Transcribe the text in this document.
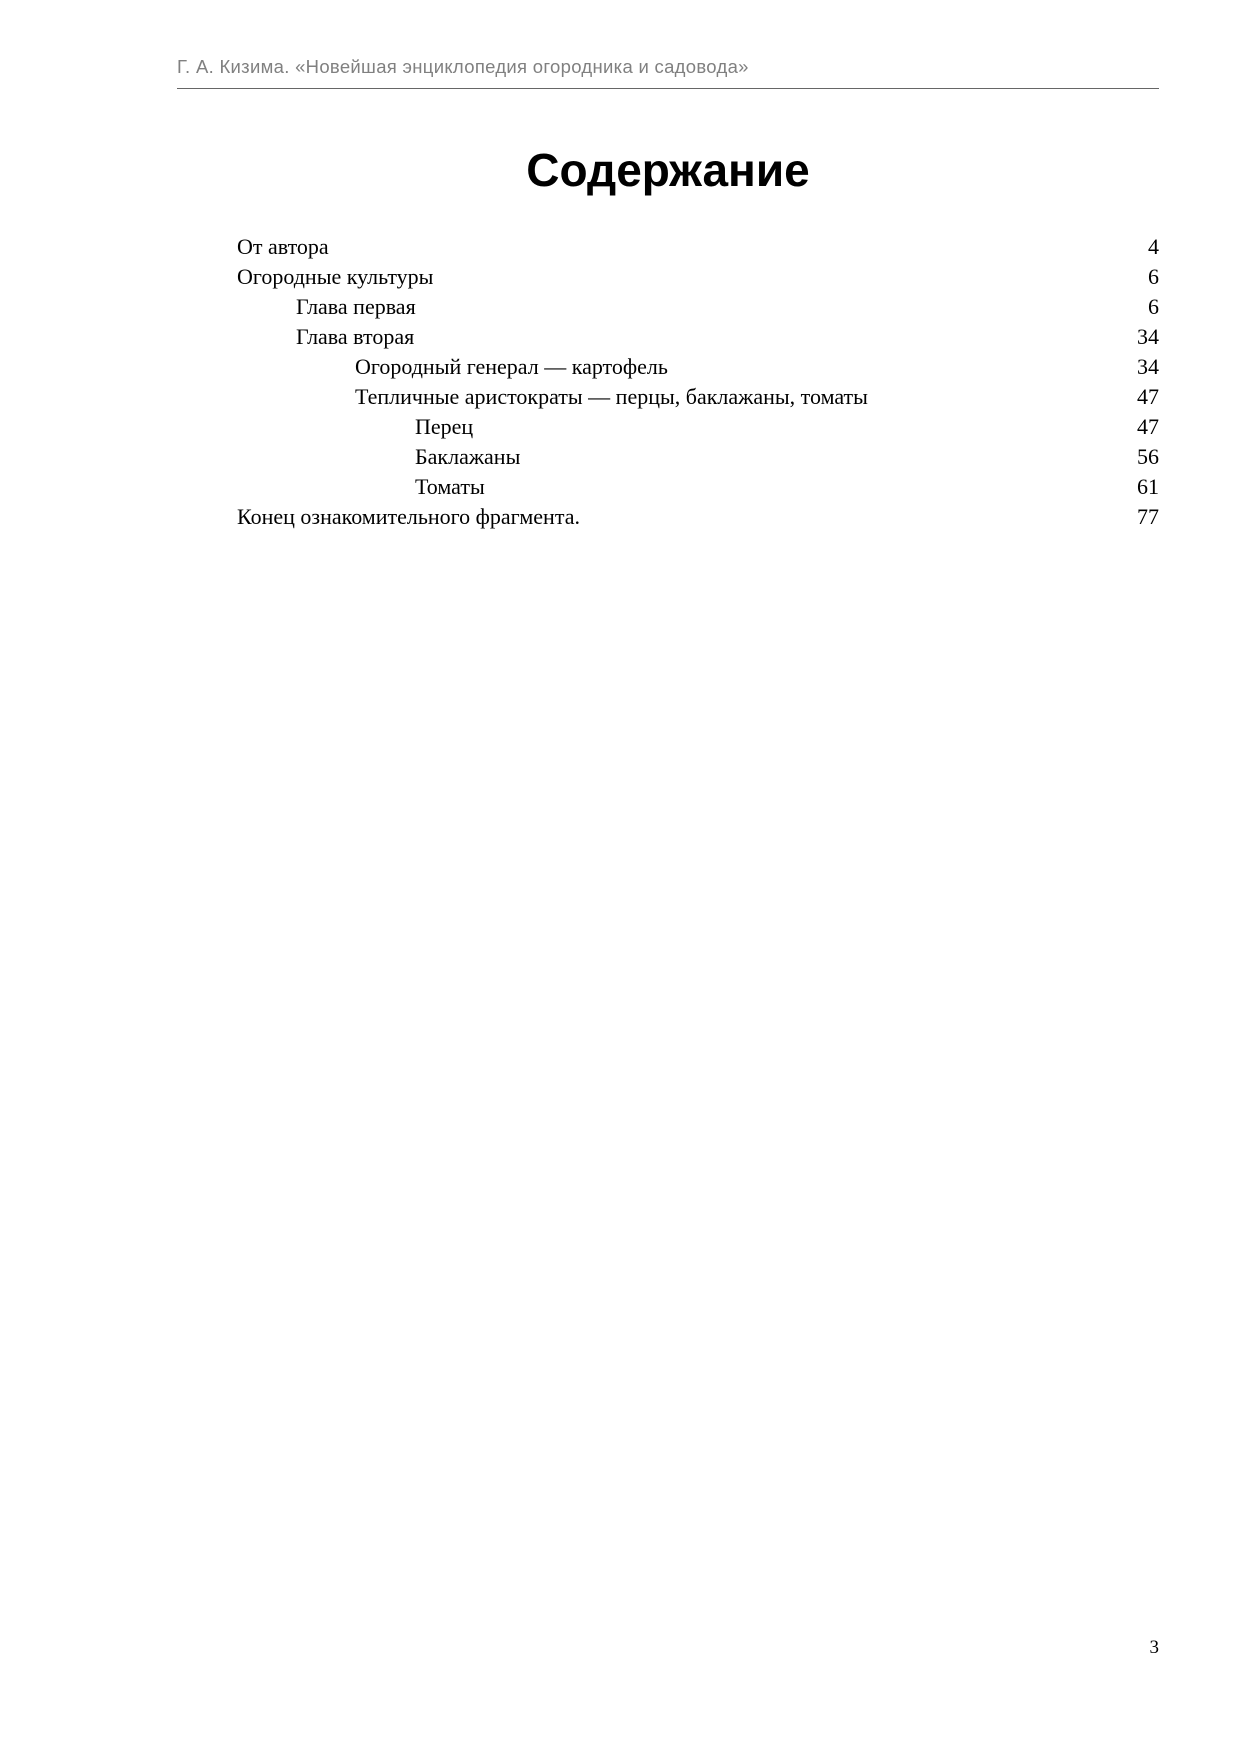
Г. А. Кизима. «Новейшая энциклопедия огородника и садовода»
Содержание
От автора	4
Огородные культуры	6
Глава первая	6
Глава вторая	34
Огородный генерал — картофель	34
Тепличные аристократы — перцы, баклажаны, томаты	47
Перец	47
Баклажаны	56
Томаты	61
Конец ознакомительного фрагмента.	77
3
